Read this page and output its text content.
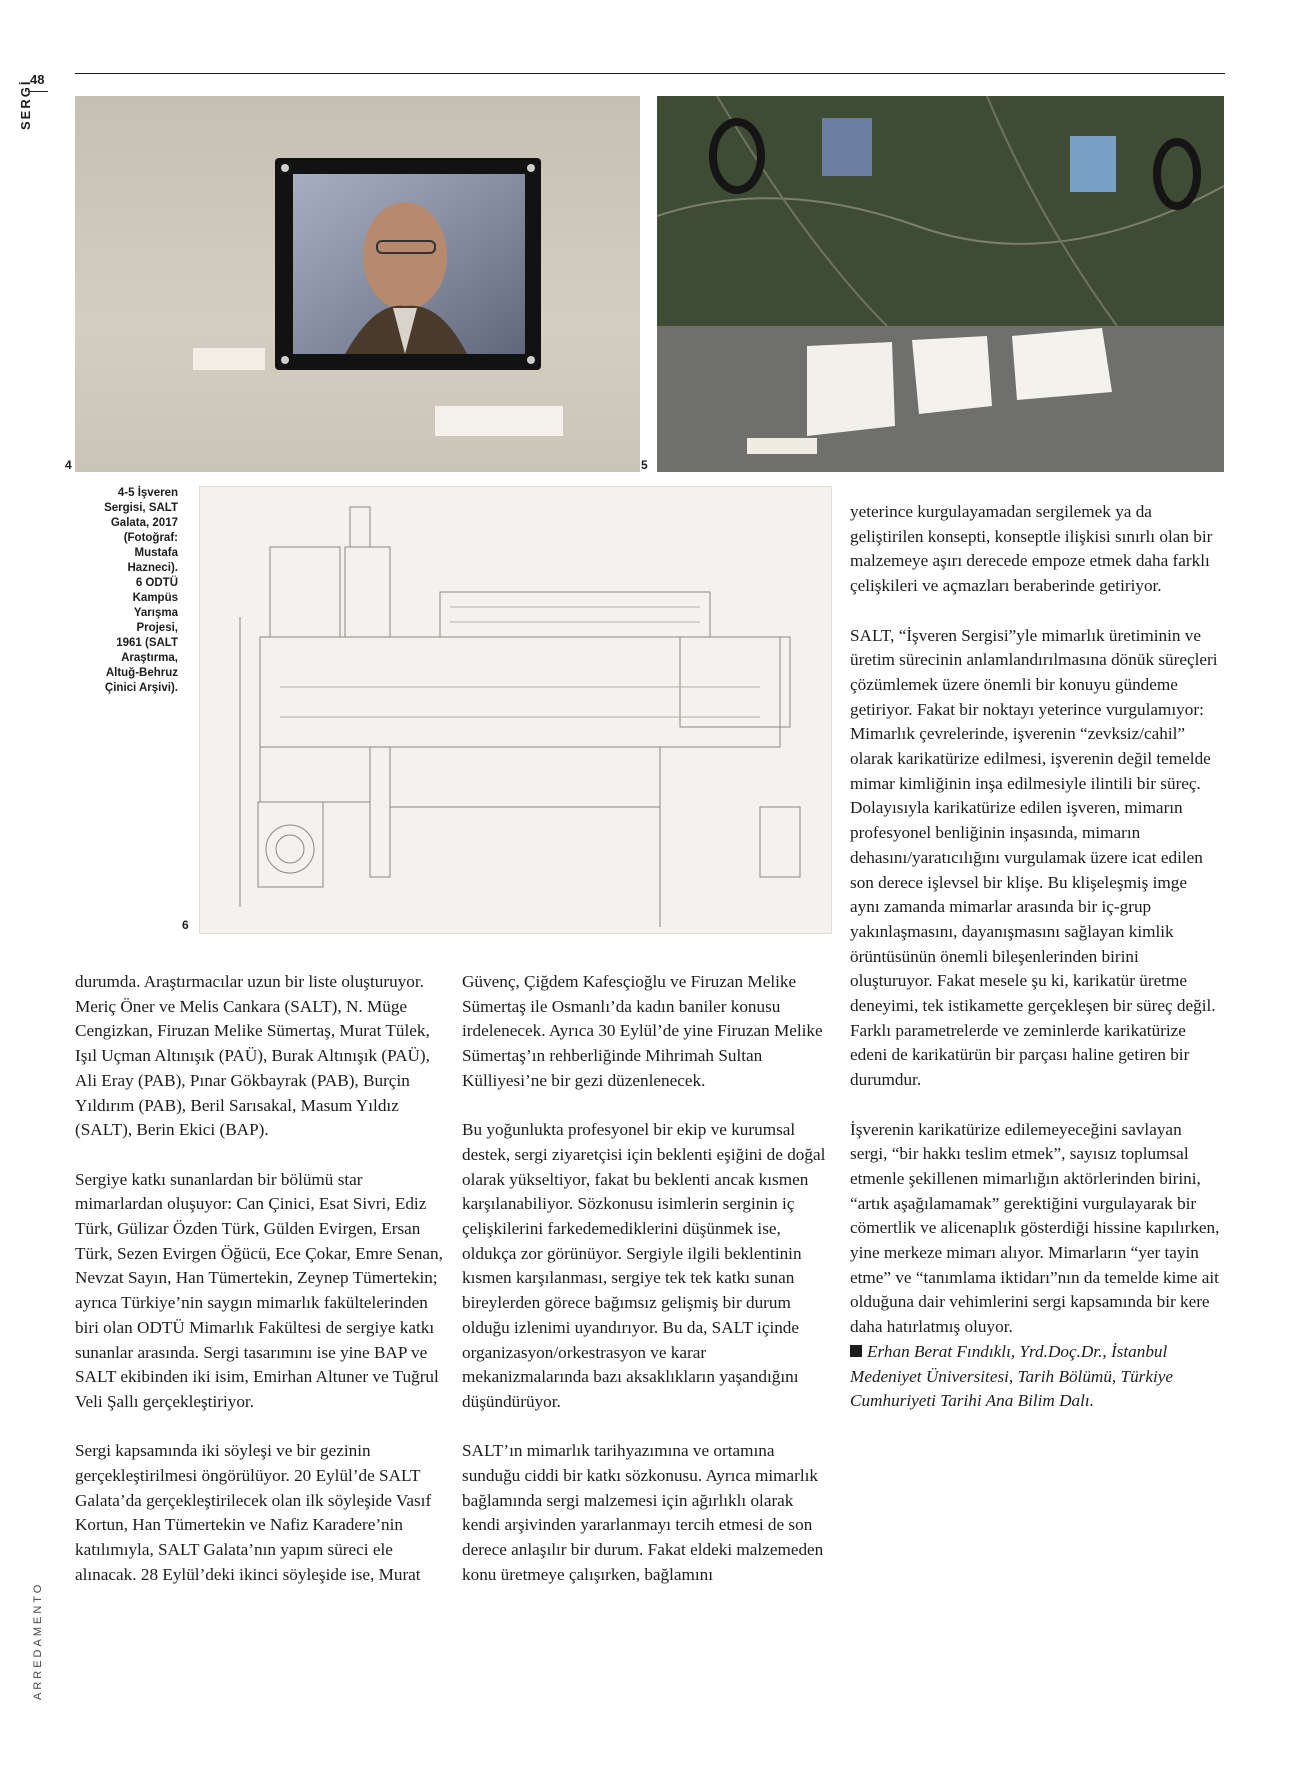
48
SERGİ
4	5
4-5 İşveren
Sergisi, SALT
Galata, 2017
(Fotoğraf:
Mustafa
Hazneci).
6 ODTÜ
Kampüs
Yarışma
Projesi,
1961 (SALT
Araştırma,
Altuğ-Behruz
Çinici Arşivi).
6

durumda. Araştırmacılar uzun bir liste oluşturuyor. Meriç Öner ve Melis Cankara (SALT), N. Müge Cengizkan, Firuzan Melike Sümertaş, Murat Tülek, Işıl Uçman Altınışık (PAÜ), Burak Altınışık (PAÜ), Ali Eray (PAB), Pınar Gökbayrak (PAB), Burçin Yıldırım (PAB), Beril Sarısakal, Masum Yıldız (SALT), Berin Ekici (BAP).

Sergiye katkı sunanlardan bir bölümü star mimarlardan oluşuyor: Can Çinici, Esat Sivri, Ediz Türk, Gülizar Özden Türk, Gülden Evirgen, Ersan Türk, Sezen Evirgen Öğücü, Ece Çokar, Emre Senan, Nevzat Sayın, Han Tümertekin, Zeynep Tümertekin; ayrıca Türkiye’nin saygın mimarlık fakültelerinden biri olan ODTÜ Mimarlık Fakültesi de sergiye katkı sunanlar arasında. Sergi tasarımını ise yine BAP ve SALT ekibinden iki isim, Emirhan Altuner ve Tuğrul Veli Şallı gerçekleştiriyor.

Sergi kapsamında iki söyleşi ve bir gezinin gerçekleştirilmesi öngörülüyor. 20 Eylül’de SALT Galata’da gerçekleştirilecek olan ilk söyleşide Vasıf Kortun, Han Tümertekin ve Nafiz Karadere’nin katılımıyla, SALT Galata’nın yapım süreci ele alınacak. 28 Eylül’deki ikinci söyleşide ise, Murat

Güvenç, Çiğdem Kafesçioğlu ve Firuzan Melike Sümertaş ile Osmanlı’da kadın baniler konusu irdelenecek. Ayrıca 30 Eylül’de yine Firuzan Melike Sümertaş’ın rehberliğinde Mihrimah Sultan Külliyesi’ne bir gezi düzenlenecek.

Bu yoğunlukta profesyonel bir ekip ve kurumsal destek, sergi ziyaretçisi için beklenti eşiğini de doğal olarak yükseltiyor, fakat bu beklenti ancak kısmen karşılanabiliyor. Sözkonusu isimlerin serginin iç çelişkilerini farkedemediklerini düşünmek ise, oldukça zor görünüyor. Sergiyle ilgili beklentinin kısmen karşılanması, sergiye tek tek katkı sunan bireylerden görece bağımsız gelişmiş bir durum olduğu izlenimi uyandırıyor. Bu da, SALT içinde organizasyon/orkestrasyon ve karar mekanizmalarında bazı aksaklıkların yaşandığını düşündürüyor.

SALT’ın mimarlık tarihyazımına ve ortamına sunduğu ciddi bir katkı sözkonusu. Ayrıca mimarlık bağlamında sergi malzemesi için ağırlıklı olarak kendi arşivinden yararlanmayı tercih etmesi de son derece anlaşılır bir durum. Fakat eldeki malzemeden konu üretmeye çalışırken, bağlamını

yeterince kurgulayamadan sergilemek ya da geliştirilen konsepti, konseptle ilişkisi sınırlı olan bir malzemeye aşırı derecede empoze etmek daha farklı çelişkileri ve açmazları beraberinde getiriyor.

SALT, “İşveren Sergisi”yle mimarlık üretiminin ve üretim sürecinin anlamlandırılmasına dönük süreçleri çözümlemek üzere önemli bir konuyu gündeme getiriyor. Fakat bir noktayı yeterince vurgulamıyor: Mimarlık çevrelerinde, işverenin “zevksiz/cahil” olarak karikatürize edilmesi, işverenin değil temelde mimar kimliğinin inşa edilmesiyle ilintili bir süreç. Dolayısıyla karikatürize edilen işveren, mimarın profesyonel benliğinin inşasında, mimarın dehasını/yaratıcılığını vurgulamak üzere icat edilen son derece işlevsel bir klişe. Bu klişeleşmiş imge aynı zamanda mimarlar arasında bir iç-grup yakınlaşmasını, dayanışmasını sağlayan kimlik örüntüsünün önemli bileşenlerinden birini oluşturuyor. Fakat mesele şu ki, karikatür üretme deneyimi, tek istikamette gerçekleşen bir süreç değil. Farklı parametrelerde ve zeminlerde karikatürize edeni de karikatürün bir parçası haline getiren bir durumdur.

İşverenin karikatürize edilemeyeceğini savlayan sergi, “bir hakkı teslim etmek”, sayısız toplumsal etmenle şekillenen mimarlığın aktörlerinden birini, “artık aşağılamamak” gerektiğini vurgulayarak bir cömertlik ve alicenaplık gösterdiği hissine kapılırken, yine merkeze mimarı alıyor. Mimarların “yer tayin etme” ve “tanımlama iktidarı”nın da temelde kime ait olduğuna dair vehimlerini sergi kapsamında bir kere daha hatırlatmış oluyor.

Erhan Berat Fındıklı, Yrd.Doç.Dr., İstanbul Medeniyet Üniversitesi, Tarih Bölümü, Türkiye Cumhuriyeti Tarihi Ana Bilim Dalı.
ARREDAMENTO
